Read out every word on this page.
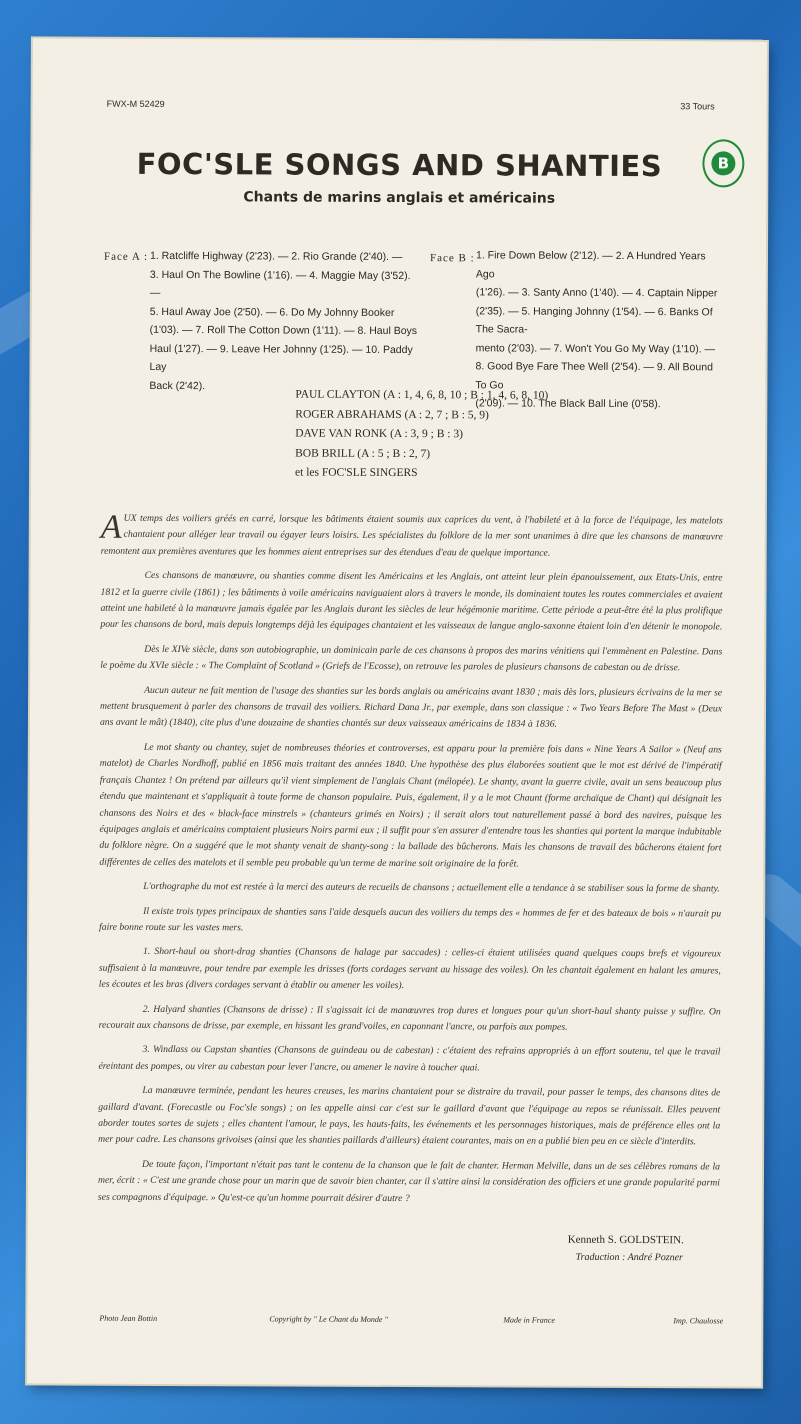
FWX-M 52429	33 Tours
B
FOC'SLE SONGS AND SHANTIES
Chants de marins anglais et américains
Face A : 1. Ratcliffe Highway (2'23). — 2. Rio Grande (2'40). —
3. Haul On The Bowline (1'16). — 4. Maggie May (3'52). —
5. Haul Away Joe (2'50). — 6. Do My Johnny Booker
(1'03). — 7. Roll The Cotton Down (1'11). — 8. Haul Boys
Haul (1'27). — 9. Leave Her Johnny (1'25). — 10. Paddy Lay
Back (2'42).
Face B : 1. Fire Down Below (2'12). — 2. A Hundred Years Ago
(1'26). — 3. Santy Anno (1'40). — 4. Captain Nipper
(2'35). — 5. Hanging Johnny (1'54). — 6. Banks Of The Sacra-
mento (2'03). — 7. Won't You Go My Way (1'10). —
8. Good Bye Fare Thee Well (2'54). — 9. All Bound To Go
(2'09). — 10. The Black Ball Line (0'58).
PAUL CLAYTON (A : 1, 4, 6, 8, 10 ; B : 1, 4, 6, 8, 10)
ROGER ABRAHAMS (A : 2, 7 ; B : 5, 9)
DAVE VAN RONK (A : 3, 9 ; B : 3)
BOB BRILL (A : 5 ; B : 2, 7)
et les FOC'SLE SINGERS

AUX temps des voiliers gréés en carré, lorsque les bâtiments étaient soumis aux caprices du vent, à l'habileté et à la force de l'équipage, les matelots chantaient pour alléger leur travail ou égayer leurs loisirs. Les spécialistes du folklore de la mer sont unanimes à dire que les chansons de manœuvre remontent aux premières aventures que les hommes aient entreprises sur des étendues d'eau de quelque importance.

Ces chansons de manœuvre, ou shanties comme disent les Américains et les Anglais, ont atteint leur plein épanouissement, aux Etats-Unis, entre 1812 et la guerre civile (1861) ; les bâtiments à voile américains naviguaient alors à travers le monde, ils dominaient toutes les routes commerciales et avaient atteint une habileté à la manœuvre jamais égalée par les Anglais durant les siècles de leur hégémonie maritime. Cette période a peut-être été la plus prolifique pour les chansons de bord, mais depuis longtemps déjà les équipages chantaient et les vaisseaux de langue anglo-saxonne étaient loin d'en détenir le monopole.

Dès le XIVe siècle, dans son autobiographie, un dominicain parle de ces chansons à propos des marins vénitiens qui l'emmènent en Palestine. Dans le poème du XVIe siècle : « The Complaint of Scotland » (Griefs de l'Ecosse), on retrouve les paroles de plusieurs chansons de cabestan ou de drisse.

Aucun auteur ne fait mention de l'usage des shanties sur les bords anglais ou américains avant 1830 ; mais dès lors, plusieurs écrivains de la mer se mettent brusquement à parler des chansons de travail des voiliers. Richard Dana Jr., par exemple, dans son classique : « Two Years Before The Mast » (Deux ans avant le mât) (1840), cite plus d'une douzaine de shanties chantés sur deux vaisseaux américains de 1834 à 1836.

Le mot shanty ou chantey, sujet de nombreuses théories et controverses, est apparu pour la première fois dans « Nine Years A Sailor » (Neuf ans matelot) de Charles Nordhoff, publié en 1856 mais traitant des années 1840. Une hypothèse des plus élaborées soutient que le mot est dérivé de l'impératif français Chantez ! On prétend par ailleurs qu'il vient simplement de l'anglais Chant (mélopée). Le shanty, avant la guerre civile, avait un sens beaucoup plus étendu que maintenant et s'appliquait à toute forme de chanson populaire. Puis, également, il y a le mot Chaunt (forme archaïque de Chant) qui désignait les chansons des Noirs et des « black-face minstrels » (chanteurs grimés en Noirs) ; il serait alors tout naturellement passé à bord des navires, puisque les équipages anglais et américains comptaient plusieurs Noirs parmi eux ; il suffit pour s'en assurer d'entendre tous les shanties qui portent la marque indubitable du folklore nègre. On a suggéré que le mot shanty venait de shanty-song : la ballade des bûcherons. Mais les chansons de travail des bûcherons étaient fort différentes de celles des matelots et il semble peu probable qu'un terme de marine soit originaire de la forêt.

L'orthographe du mot est restée à la merci des auteurs de recueils de chansons ; actuellement elle a tendance à se stabiliser sous la forme de shanty.

Il existe trois types principaux de shanties sans l'aide desquels aucun des voiliers du temps des « hommes de fer et des bateaux de bois » n'aurait pu faire bonne route sur les vastes mers.

1. Short-haul ou short-drag shanties (Chansons de halage par saccades) : celles-ci étaient utilisées quand quelques coups brefs et vigoureux suffisaient à la manœuvre, pour tendre par exemple les drisses (forts cordages servant au hissage des voiles). On les chantait également en halant les amures, les écoutes et les bras (divers cordages servant à établir ou amener les voiles).

2. Halyard shanties (Chansons de drisse) : Il s'agissait ici de manœuvres trop dures et longues pour qu'un short-haul shanty puisse y suffire. On recourait aux chansons de drisse, par exemple, en hissant les grand'voiles, en caponnant l'ancre, ou parfois aux pompes.

3. Windlass ou Capstan shanties (Chansons de guindeau ou de cabestan) : c'étaient des refrains appropriés à un effort soutenu, tel que le travail éreintant des pompes, ou virer au cabestan pour lever l'ancre, ou amener le navire à toucher quai.

La manœuvre terminée, pendant les heures creuses, les marins chantaient pour se distraire du travail, pour passer le temps, des chansons dites de gaillard d'avant. (Forecastle ou Foc'sle songs) ; on les appelle ainsi car c'est sur le gaillard d'avant que l'équipage au repos se réunissait. Elles peuvent aborder toutes sortes de sujets ; elles chantent l'amour, le pays, les hauts-faits, les événements et les personnages historiques, mais de préférence elles ont la mer pour cadre. Les chansons grivoises (ainsi que les shanties paillards d'ailleurs) étaient courantes, mais on en a publié bien peu en ce siècle d'interdits.

De toute façon, l'important n'était pas tant le contenu de la chanson que le fait de chanter. Herman Melville, dans un de ses célèbres romans de la mer, écrit : « C'est une grande chose pour un marin que de savoir bien chanter, car il s'attire ainsi la considération des officiers et une grande popularité parmi ses compagnons d'équipage. » Qu'est-ce qu'un homme pourrait désirer d'autre ?

Kenneth S. GOLDSTEIN.
Traduction : André Pozner
Photo Jean Bottin	Copyright by " Le Chant du Monde "	Made in France	Imp. Chaulosse
